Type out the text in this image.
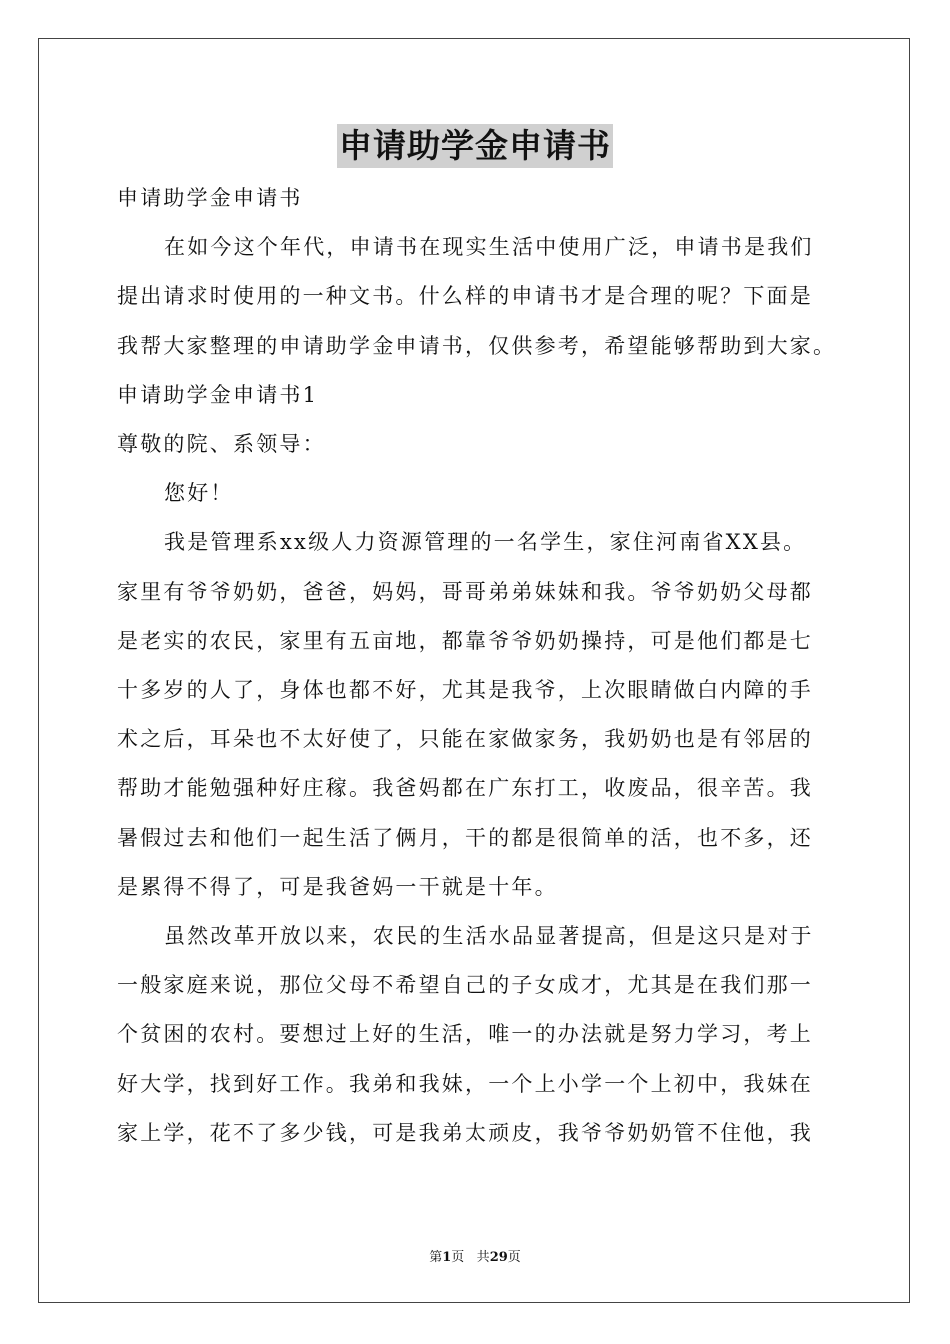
申请助学金申请书
申请助学金申请书
在如今这个年代，申请书在现实生活中使用广泛，申请书是我们
提出请求时使用的一种文书。什么样的申请书才是合理的呢？下面是
我帮大家整理的申请助学金申请书，仅供参考，希望能够帮助到大家。
申请助学金申请书1
尊敬的院、系领导：
您好！
我是管理系xx级人力资源管理的一名学生，家住河南省XX县。
家里有爷爷奶奶，爸爸，妈妈，哥哥弟弟妹妹和我。爷爷奶奶父母都
是老实的农民，家里有五亩地，都靠爷爷奶奶操持，可是他们都是七
十多岁的人了，身体也都不好，尤其是我爷，上次眼睛做白内障的手
术之后，耳朵也不太好使了，只能在家做家务，我奶奶也是有邻居的
帮助才能勉强种好庄稼。我爸妈都在广东打工，收废品，很辛苦。我
暑假过去和他们一起生活了俩月，干的都是很简单的活，也不多，还
是累得不得了，可是我爸妈一干就是十年。
虽然改革开放以来，农民的生活水品显著提高，但是这只是对于
一般家庭来说，那位父母不希望自己的子女成才，尤其是在我们那一
个贫困的农村。要想过上好的生活，唯一的办法就是努力学习，考上
好大学，找到好工作。我弟和我妹，一个上小学一个上初中，我妹在
家上学，花不了多少钱，可是我弟太顽皮，我爷爷奶奶管不住他，我
第1页 共29页
